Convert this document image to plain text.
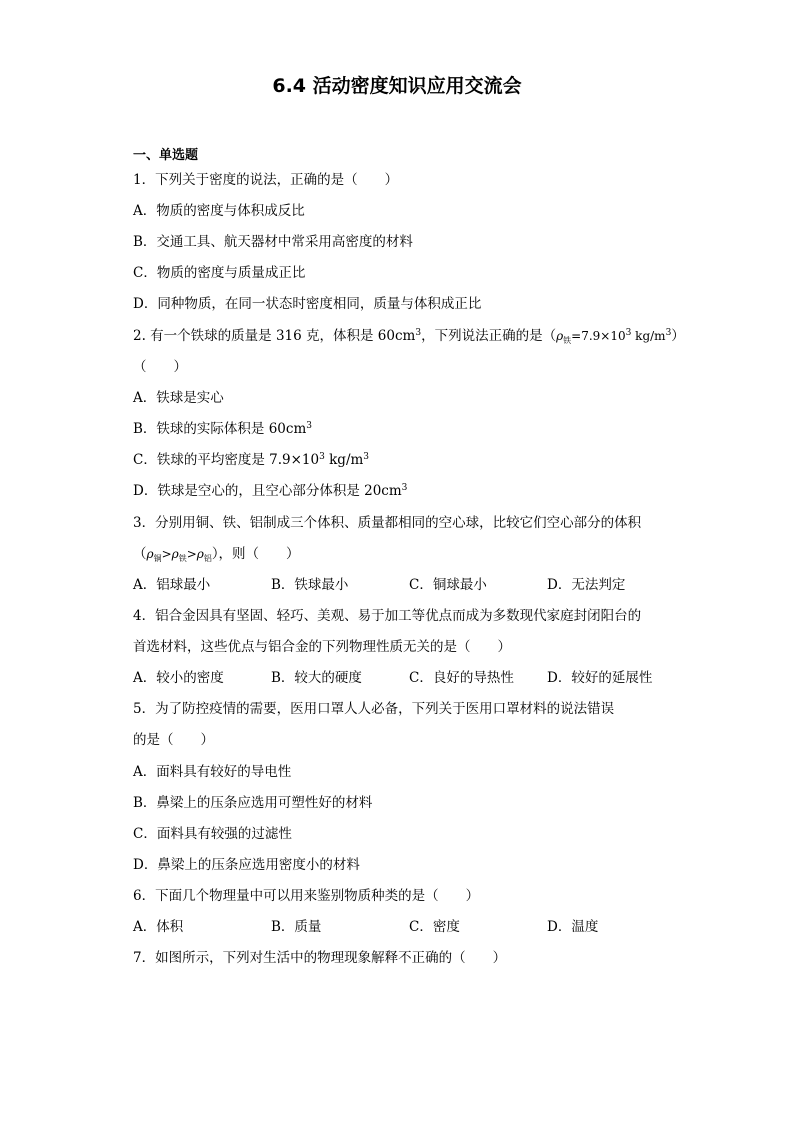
6.4 活动密度知识应用交流会
一、单选题
1．下列关于密度的说法，正确的是（　　）
A．物质的密度与体积成反比
B．交通工具、航天器材中常采用高密度的材料
C．物质的密度与质量成正比
D．同种物质，在同一状态时密度相同，质量与体积成正比
2. 有一个铁球的质量是 316 克，体积是 $60cm^3$，下列说法正确的是（$\rho_铁=7.9\times 10^3$ $kg/m^3$）
（　　）
A．铁球是实心
B．铁球的实际体积是 $60cm^3$
C．铁球的平均密度是 $7.9\times 10^3$ $kg/m^3$
D．铁球是空心的，且空心部分体积是 $20cm^3$
3．分别用铜、铁、铝制成三个体积、质量都相同的空心球，比较它们空心部分的体积
$(\rho_铜>\rho_铁>\rho_铝)$，则（　　）
A．铝球最小	B．铁球最小	C．铜球最小	D．无法判定
4．铝合金因具有坚固、轻巧、美观、易于加工等优点而成为多数现代家庭封闭阳台的
首选材料，这些优点与铝合金的下列物理性质无关的是（　　）
A．较小的密度	B．较大的硬度	C．良好的导热性 D．较好的延展性
5．为了防控疫情的需要，医用口罩人人必备，下列关于医用口罩材料的说法错误
的是（　　）
A．面料具有较好的导电性
B．鼻梁上的压条应选用可塑性好的材料
C．面料具有较强的过滤性
D．鼻梁上的压条应选用密度小的材料
6．下面几个物理量中可以用来鉴别物质种类的是（　　）
A．体积	B．质量	C．密度	D．温度
7．如图所示，下列对生活中的物理现象解释不正确的（　　）
